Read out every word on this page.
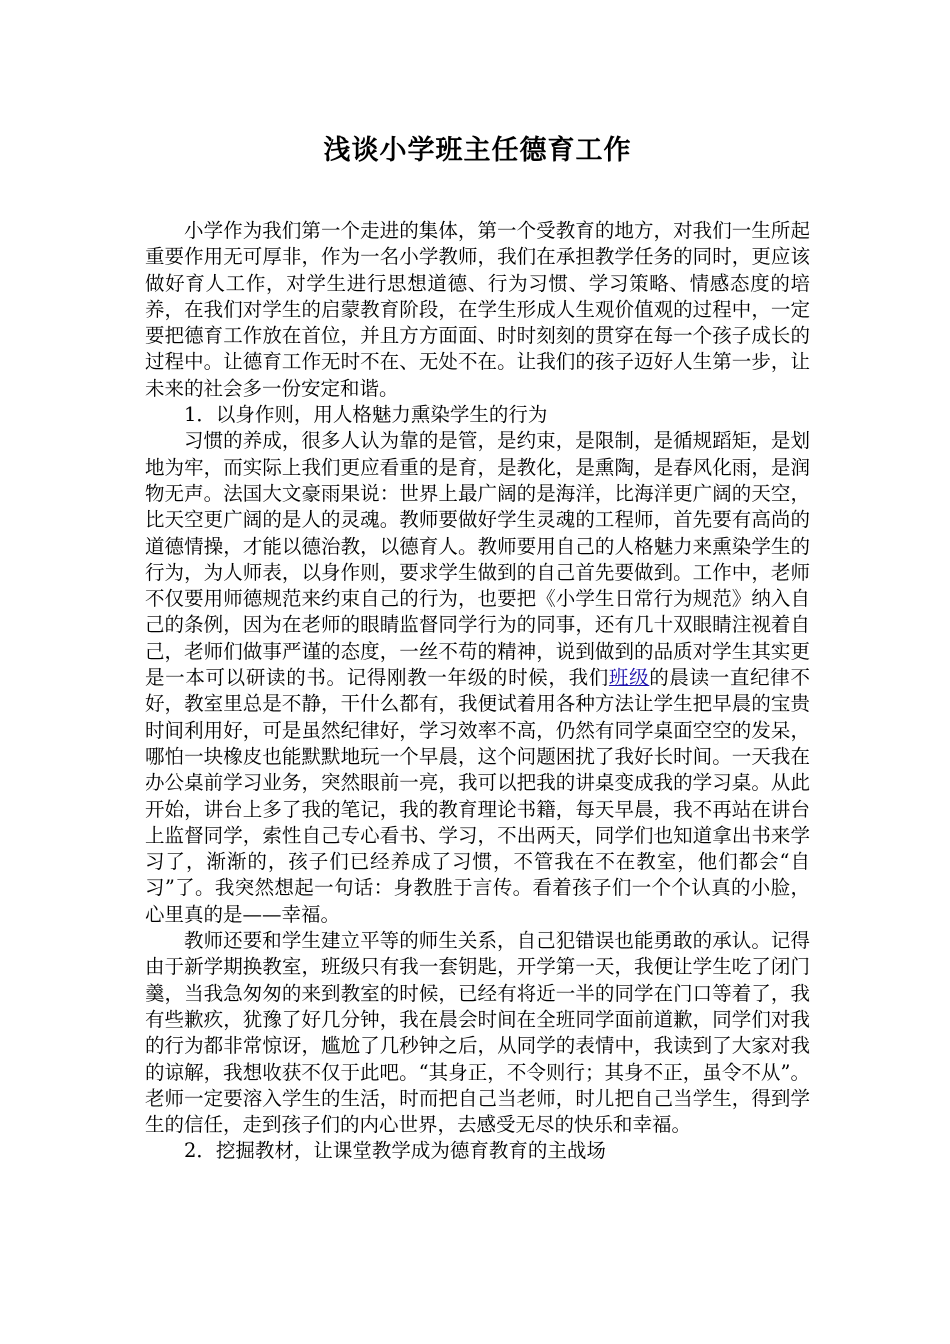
浅谈小学班主任德育工作

小学作为我们第一个走进的集体，第一个受教育的地方，对我们一生所起重要作用无可厚非，作为一名小学教师，我们在承担教学任务的同时，更应该做好育人工作，对学生进行思想道德、行为习惯、学习策略、情感态度的培养，在我们对学生的启蒙教育阶段，在学生形成人生观价值观的过程中，一定要把德育工作放在首位，并且方方面面、时时刻刻的贯穿在每一个孩子成长的过程中。让德育工作无时不在、无处不在。让我们的孩子迈好人生第一步，让未来的社会多一份安定和谐。

1．以身作则，用人格魅力熏染学生的行为

习惯的养成，很多人认为靠的是管，是约束，是限制，是循规蹈矩，是划地为牢，而实际上我们更应看重的是育，是教化，是熏陶，是春风化雨，是润物无声。法国大文豪雨果说：世界上最广阔的是海洋，比海洋更广阔的天空，比天空更广阔的是人的灵魂。教师要做好学生灵魂的工程师，首先要有高尚的道德情操，才能以德治教，以德育人。教师要用自己的人格魅力来熏染学生的行为，为人师表，以身作则，要求学生做到的自己首先要做到。工作中，老师不仅要用师德规范来约束自己的行为，也要把《小学生日常行为规范》纳入自己的条例，因为在老师的眼睛监督同学行为的同事，还有几十双眼睛注视着自己，老师们做事严谨的态度，一丝不苟的精神，说到做到的品质对学生其实更是一本可以研读的书。记得刚教一年级的时候，我们班级的晨读一直纪律不好，教室里总是不静，干什么都有，我便试着用各种方法让学生把早晨的宝贵时间利用好，可是虽然纪律好，学习效率不高，仍然有同学桌面空空的发呆，哪怕一块橡皮也能默默地玩一个早晨，这个问题困扰了我好长时间。一天我在办公桌前学习业务，突然眼前一亮，我可以把我的讲桌变成我的学习桌。从此开始，讲台上多了我的笔记，我的教育理论书籍，每天早晨，我不再站在讲台上监督同学，索性自己专心看书、学习，不出两天，同学们也知道拿出书来学习了，渐渐的，孩子们已经养成了习惯，不管我在不在教室，他们都会“自习”了。我突然想起一句话：身教胜于言传。看着孩子们一个个认真的小脸，心里真的是——幸福。

教师还要和学生建立平等的师生关系，自己犯错误也能勇敢的承认。记得由于新学期换教室，班级只有我一套钥匙，开学第一天，我便让学生吃了闭门羹，当我急匆匆的来到教室的时候，已经有将近一半的同学在门口等着了，我有些歉疚，犹豫了好几分钟，我在晨会时间在全班同学面前道歉，同学们对我的行为都非常惊讶，尴尬了几秒钟之后，从同学的表情中，我读到了大家对我的谅解，我想收获不仅于此吧。“其身正，不令则行；其身不正，虽令不从”。老师一定要溶入学生的生活，时而把自己当老师，时儿把自己当学生，得到学生的信任，走到孩子们的内心世界，去感受无尽的快乐和幸福。

2．挖掘教材，让课堂教学成为德育教育的主战场
